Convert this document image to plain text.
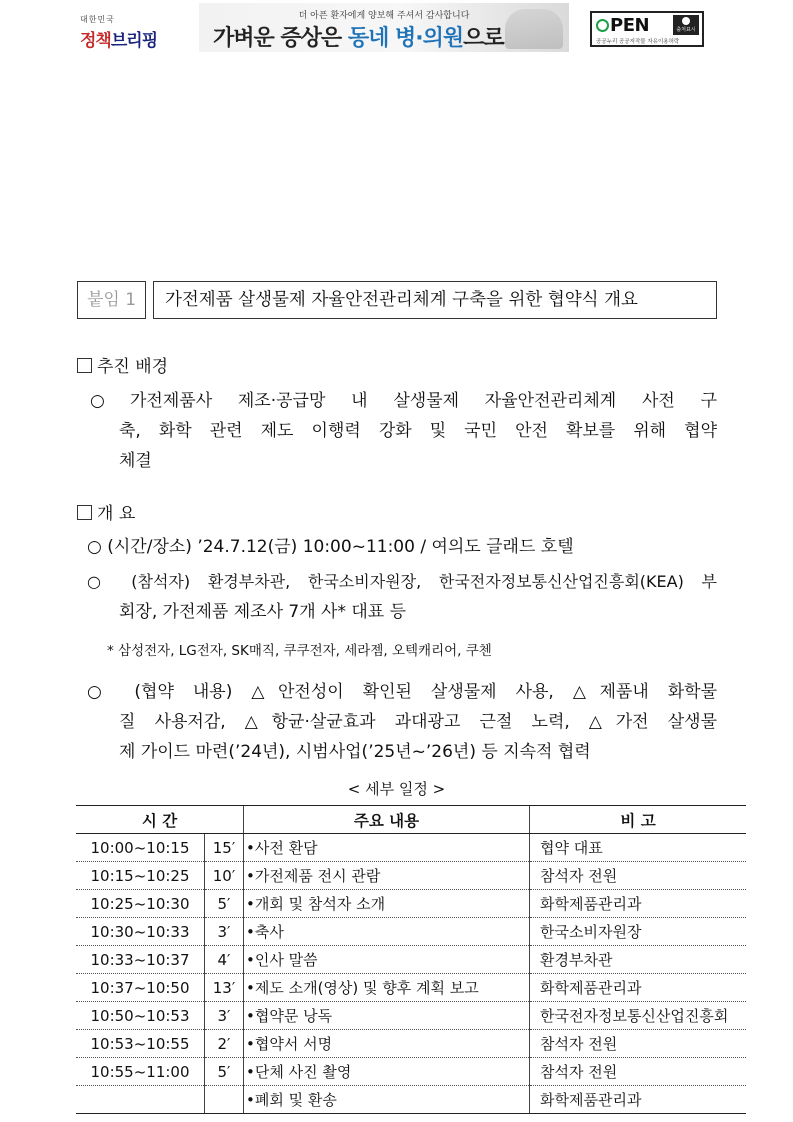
대한민국
정책브리핑
더 아픈 환자에게 양보해 주셔서 감사합니다
가벼운 증상은 동네 병·의원으로
PEN	출처표시
공공누리 공공저작물 자유이용허락
붙임 1	가전제품 살생물제 자율안전관리체계 구축을 위한 협약식 개요
추진 배경
○ 가전제품사 제조·공급망 내 살생물제 자율안전관리체계 사전 구
축, 화학 관련 제도 이행력 강화 및 국민 안전 확보를 위해 협약
체결
개 요
○ (시간/장소) ’24.7.12(금) 10:00~11:00 / 여의도 글래드 호텔
○ (참석자) 환경부차관, 한국소비자원장, 한국전자정보통신산업진흥회(KEA) 부
회장, 가전제품 제조사 7개 사* 대표 등
* 삼성전자, LG전자, SK매직, 쿠쿠전자, 세라젬, 오텍캐리어, 쿠첸
○ (협약 내용) △안전성이 확인된 살생물제 사용, △제품내 화학물
질 사용저감, △항균·살균효과 과대광고 근절 노력, △가전 살생물
제 가이드 마련(’24년), 시범사업(’25년~’26년) 등 지속적 협력
< 세부 일정 >
시 간		주요 내용	비 고
10:00~10:15	15′	•사전 환담	협약 대표
10:15~10:25	10′	•가전제품 전시 관람	참석자 전원
10:25~10:30	5′	•개회 및 참석자 소개	화학제품관리과
10:30~10:33	3′	•축사	한국소비자원장
10:33~10:37	4′	•인사 말씀	환경부차관
10:37~10:50	13′	•제도 소개(영상) 및 향후 계획 보고	화학제품관리과
10:50~10:53	3′	•협약문 낭독	한국전자정보통신산업진흥회
10:53~10:55	2′	•협약서 서명	참석자 전원
10:55~11:00	5′	•단체 사진 촬영	참석자 전원
		•폐회 및 환송	화학제품관리과
